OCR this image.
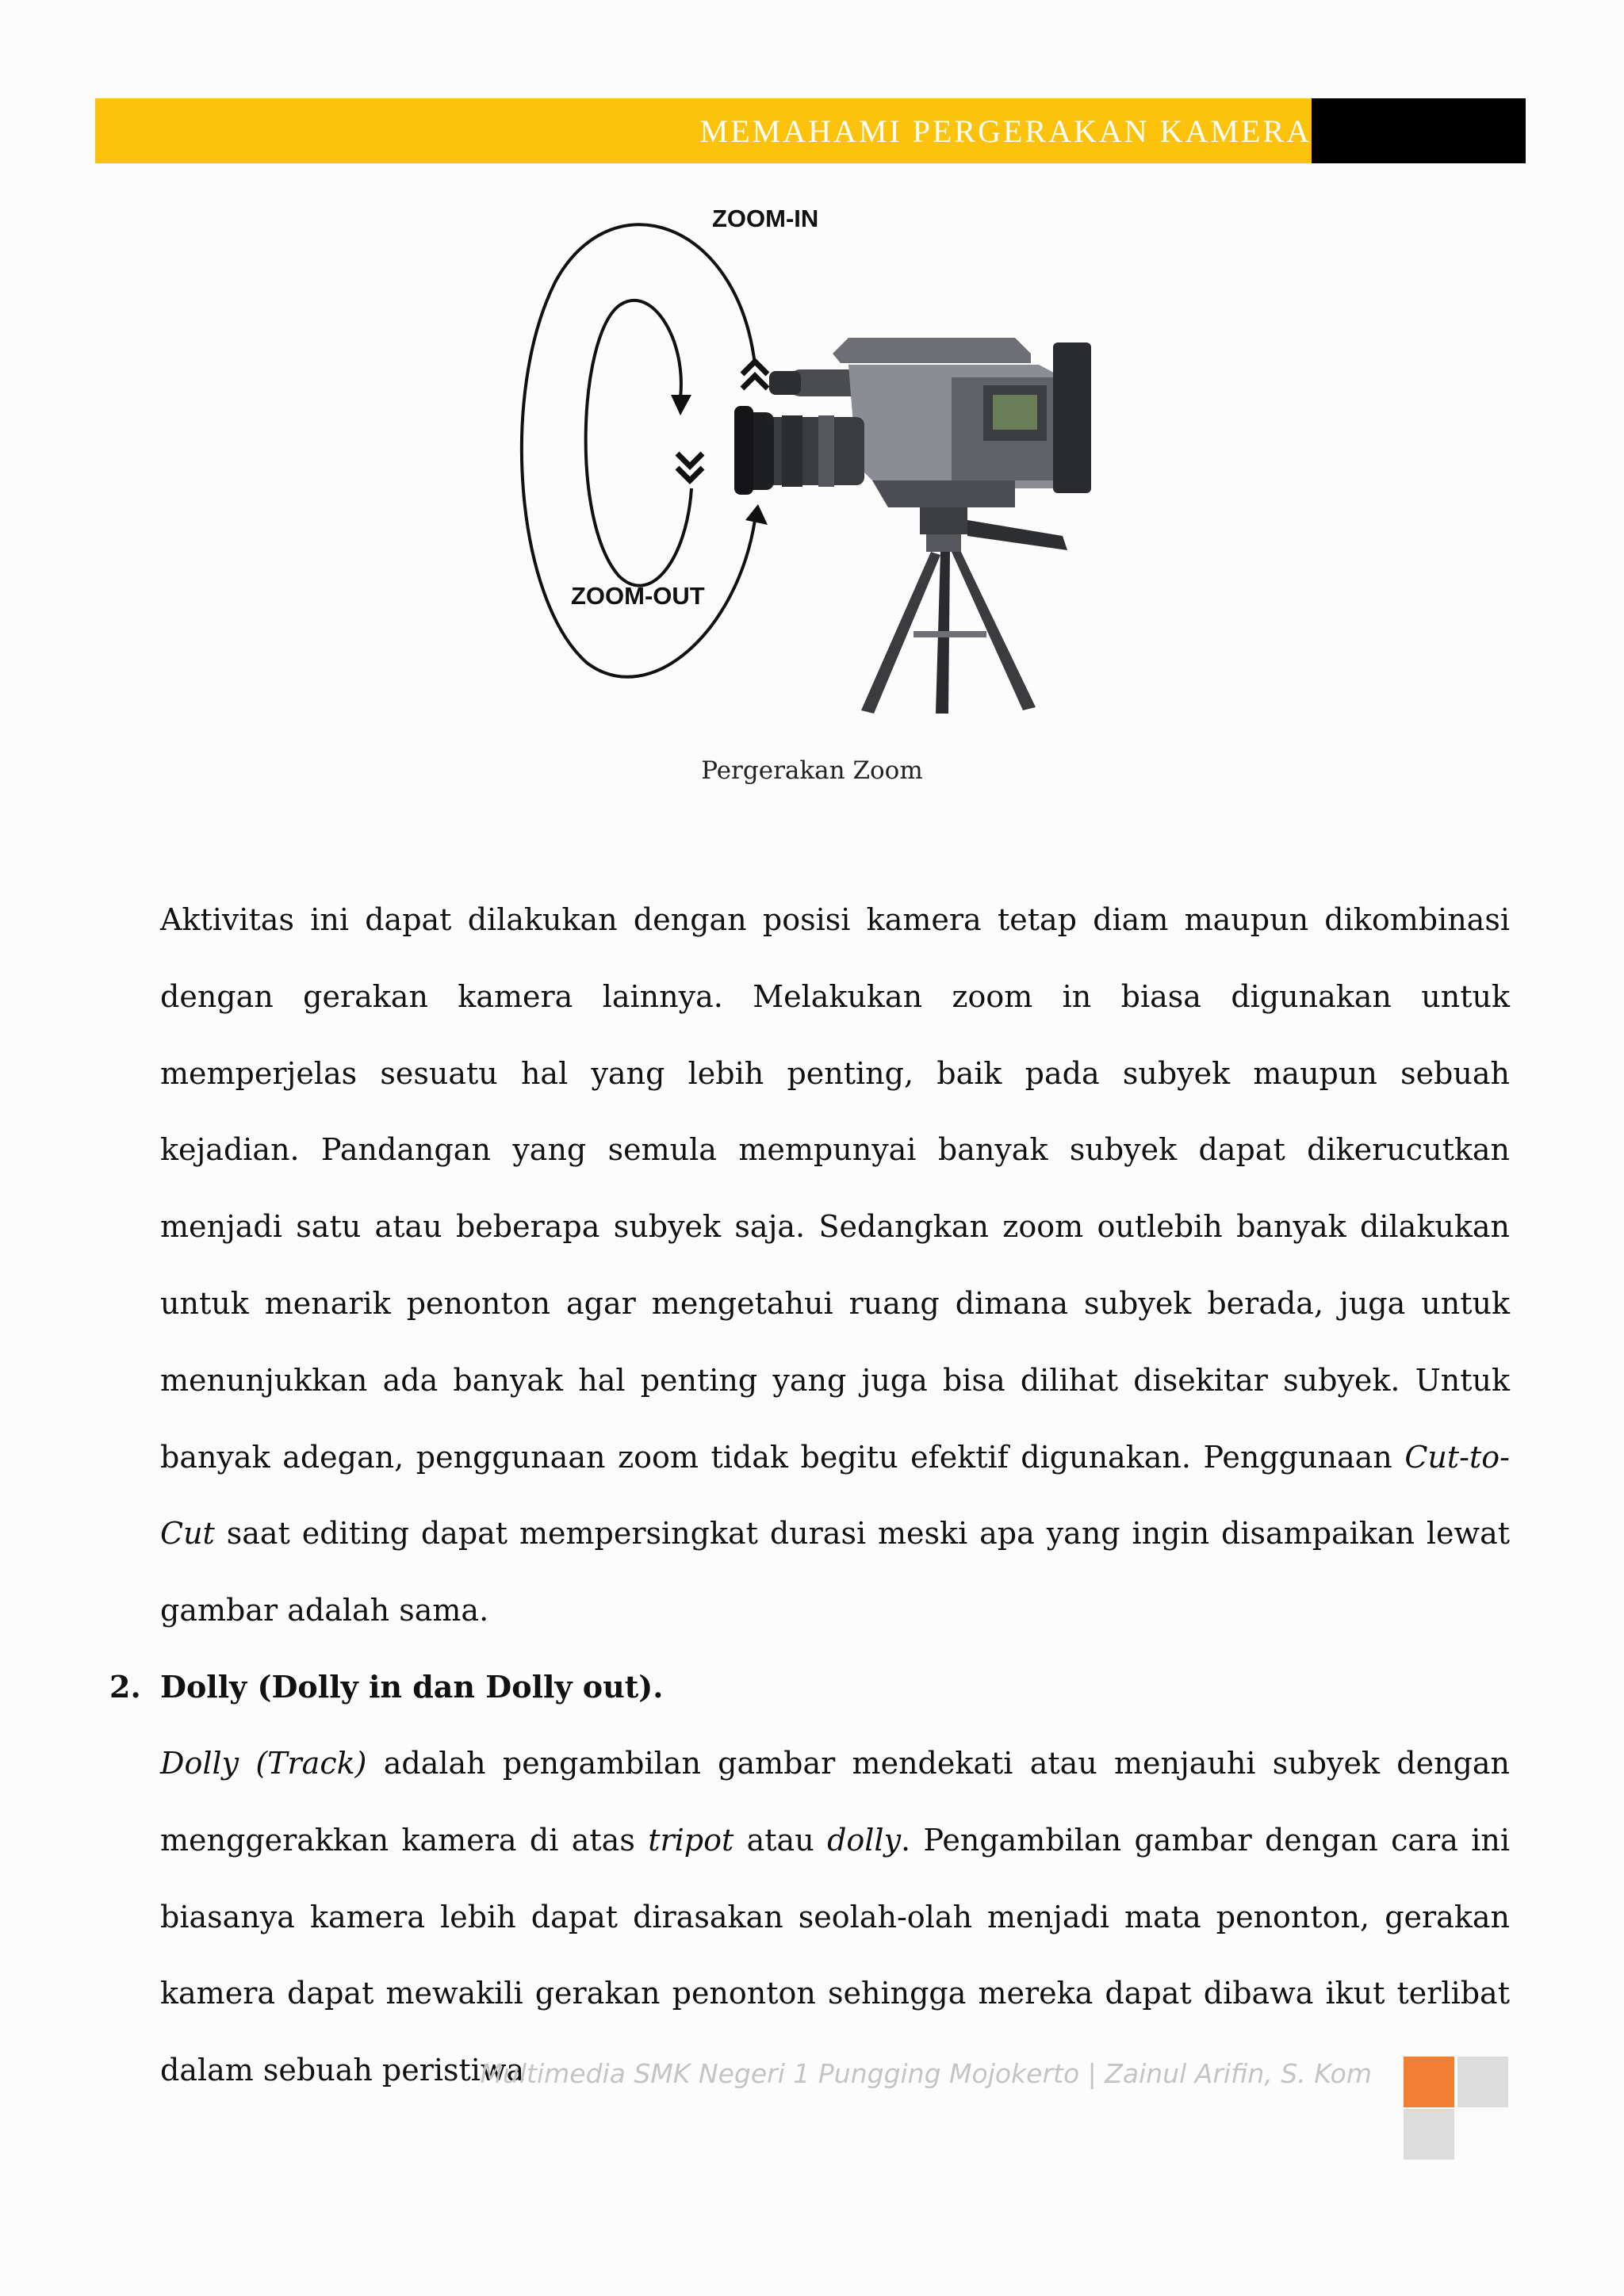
MEMAHAMI PERGERAKAN KAMERA
ZOOM-IN
ZOOM-OUT
Pergerakan Zoom

Aktivitas ini dapat dilakukan dengan posisi kamera tetap diam maupun dikombinasi dengan gerakan kamera lainnya. Melakukan zoom in biasa digunakan untuk memperjelas sesuatu hal yang lebih penting, baik pada subyek maupun sebuah kejadian. Pandangan yang semula mempunyai banyak subyek dapat dikerucutkan menjadi satu atau beberapa subyek saja. Sedangkan zoom outlebih banyak dilakukan untuk menarik penonton agar mengetahui ruang dimana subyek berada, juga untuk menunjukkan ada banyak hal penting yang juga bisa dilihat disekitar subyek. Untuk banyak adegan, penggunaan zoom tidak begitu efektif digunakan. Penggunaan Cut-to-Cut saat editing dapat mempersingkat durasi meski apa yang ingin disampaikan lewat gambar adalah sama.

2. Dolly (Dolly in dan Dolly out).

Dolly (Track) adalah pengambilan gambar mendekati atau menjauhi subyek dengan menggerakkan kamera di atas tripot atau dolly. Pengambilan gambar dengan cara ini biasanya kamera lebih dapat dirasakan seolah-olah menjadi mata penonton, gerakan kamera dapat mewakili gerakan penonton sehingga mereka dapat dibawa ikut terlibat dalam sebuah peristiwa

Multimedia SMK Negeri 1 Pungging Mojokerto | Zainul Arifin, S. Kom
